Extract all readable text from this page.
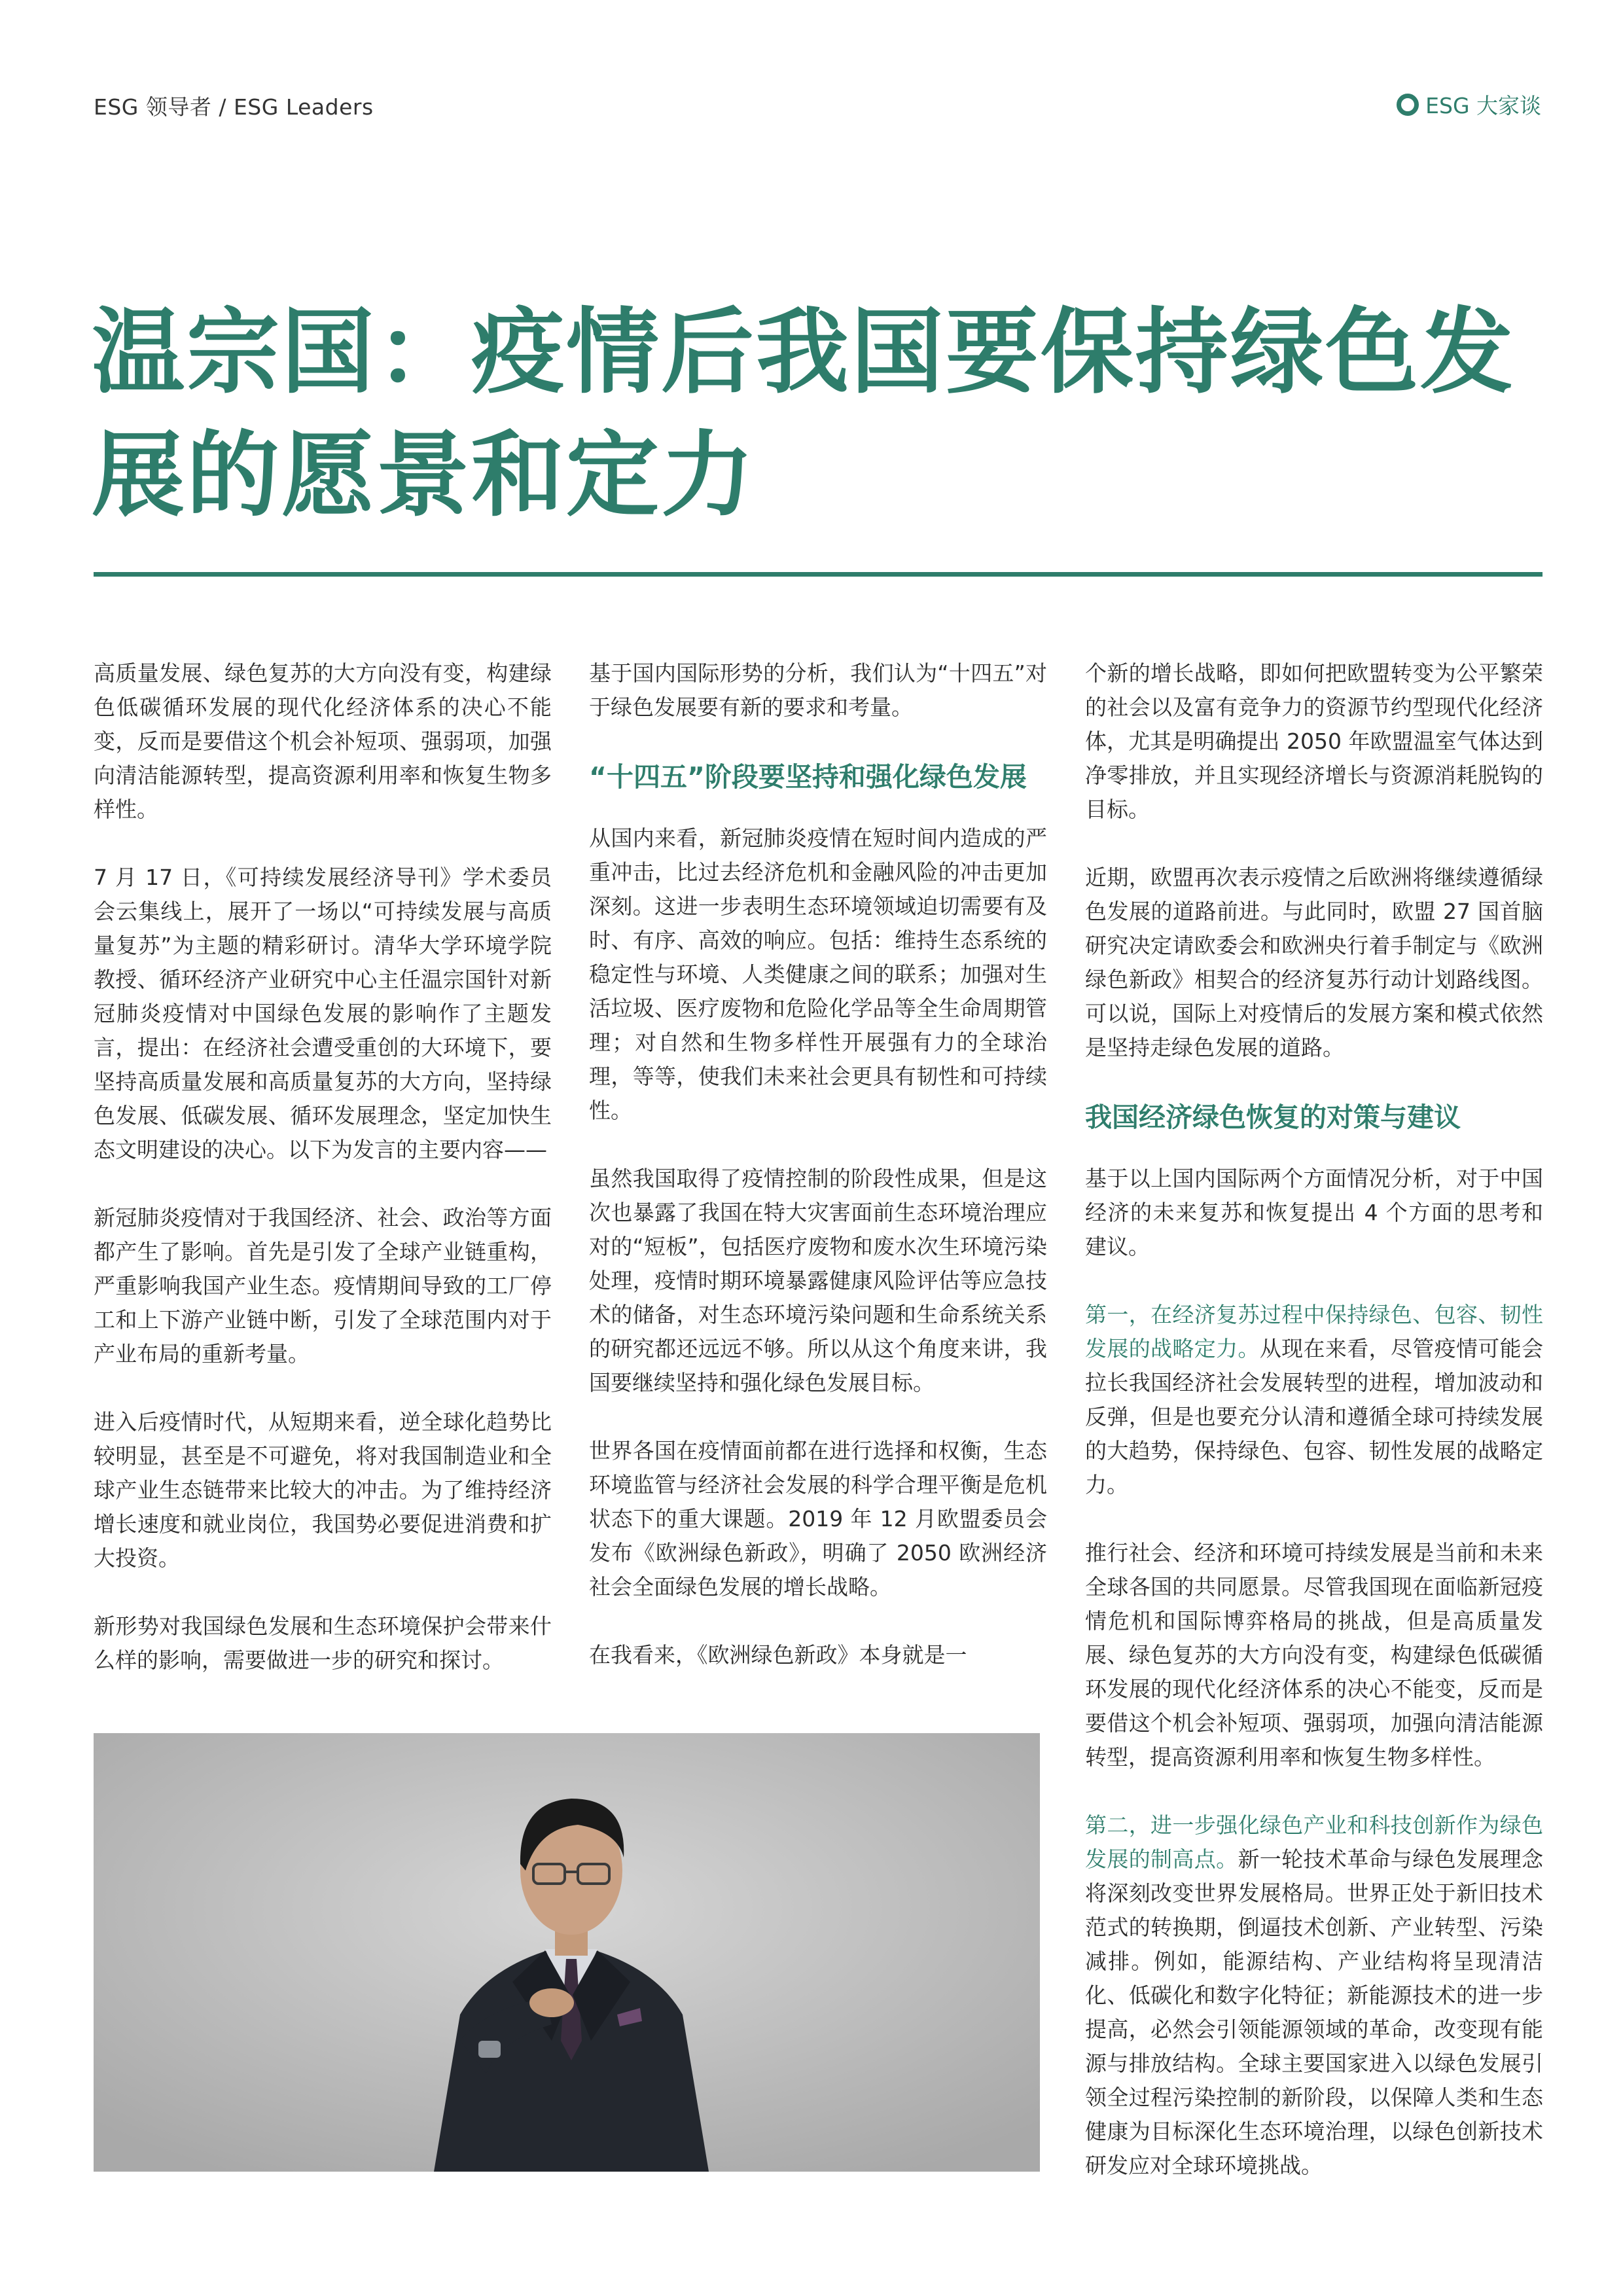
ESG 领导者 / ESG Leaders	ESG 大家谈
温宗国：疫情后我国要保持绿色发展的愿景和定力

高质量发展、绿色复苏的大方向没有变，构建绿色低碳循环发展的现代化经济体系的决心不能变，反而是要借这个机会补短项、强弱项，加强向清洁能源转型，提高资源利用率和恢复生物多样性。

7 月 17 日，《可持续发展经济导刊》学术委员会云集线上，展开了一场以“可持续发展与高质量复苏”为主题的精彩研讨。清华大学环境学院教授、循环经济产业研究中心主任温宗国针对新冠肺炎疫情对中国绿色发展的影响作了主题发言，提出：在经济社会遭受重创的大环境下，要坚持高质量发展和高质量复苏的大方向，坚持绿色发展、低碳发展、循环发展理念，坚定加快生态文明建设的决心。以下为发言的主要内容——

新冠肺炎疫情对于我国经济、社会、政治等方面都产生了影响。首先是引发了全球产业链重构，严重影响我国产业生态。疫情期间导致的工厂停工和上下游产业链中断，引发了全球范围内对于产业布局的重新考量。

进入后疫情时代，从短期来看，逆全球化趋势比较明显，甚至是不可避免，将对我国制造业和全球产业生态链带来比较大的冲击。为了维持经济增长速度和就业岗位，我国势必要促进消费和扩大投资。

新形势对我国绿色发展和生态环境保护会带来什么样的影响，需要做进一步的研究和探讨。

基于国内国际形势的分析，我们认为“十四五”对于绿色发展要有新的要求和考量。

“十四五”阶段要坚持和强化绿色发展

从国内来看，新冠肺炎疫情在短时间内造成的严重冲击，比过去经济危机和金融风险的冲击更加深刻。这进一步表明生态环境领域迫切需要有及时、有序、高效的响应。包括：维持生态系统的稳定性与环境、人类健康之间的联系；加强对生活垃圾、医疗废物和危险化学品等全生命周期管理；对自然和生物多样性开展强有力的全球治理，等等，使我们未来社会更具有韧性和可持续性。

虽然我国取得了疫情控制的阶段性成果，但是这次也暴露了我国在特大灾害面前生态环境治理应对的“短板”，包括医疗废物和废水次生环境污染处理，疫情时期环境暴露健康风险评估等应急技术的储备，对生态环境污染问题和生命系统关系的研究都还远远不够。所以从这个角度来讲，我国要继续坚持和强化绿色发展目标。

世界各国在疫情面前都在进行选择和权衡，生态环境监管与经济社会发展的科学合理平衡是危机状态下的重大课题。2019 年 12 月欧盟委员会发布《欧洲绿色新政》，明确了 2050 欧洲经济社会全面绿色发展的增长战略。

在我看来，《欧洲绿色新政》本身就是一

个新的增长战略，即如何把欧盟转变为公平繁荣的社会以及富有竞争力的资源节约型现代化经济体，尤其是明确提出 2050 年欧盟温室气体达到净零排放，并且实现经济增长与资源消耗脱钩的目标。

近期，欧盟再次表示疫情之后欧洲将继续遵循绿色发展的道路前进。与此同时，欧盟 27 国首脑研究决定请欧委会和欧洲央行着手制定与《欧洲绿色新政》相契合的经济复苏行动计划路线图。可以说，国际上对疫情后的发展方案和模式依然是坚持走绿色发展的道路。

我国经济绿色恢复的对策与建议

基于以上国内国际两个方面情况分析，对于中国经济的未来复苏和恢复提出 4 个方面的思考和建议。

第一，在经济复苏过程中保持绿色、包容、韧性发展的战略定力。从现在来看，尽管疫情可能会拉长我国经济社会发展转型的进程，增加波动和反弹，但是也要充分认清和遵循全球可持续发展的大趋势，保持绿色、包容、韧性发展的战略定力。

推行社会、经济和环境可持续发展是当前和未来全球各国的共同愿景。尽管我国现在面临新冠疫情危机和国际博弈格局的挑战，但是高质量发展、绿色复苏的大方向没有变，构建绿色低碳循环发展的现代化经济体系的决心不能变，反而是要借这个机会补短项、强弱项，加强向清洁能源转型，提高资源利用率和恢复生物多样性。

第二，进一步强化绿色产业和科技创新作为绿色发展的制高点。新一轮技术革命与绿色发展理念将深刻改变世界发展格局。世界正处于新旧技术范式的转换期，倒逼技术创新、产业转型、污染减排。例如，能源结构、产业结构将呈现清洁化、低碳化和数字化特征；新能源技术的进一步提高，必然会引领能源领域的革命，改变现有能源与排放结构。全球主要国家进入以绿色发展引领全过程污染控制的新阶段，以保障人类和生态健康为目标深化生态环境治理，以绿色创新技术研发应对全球环境挑战。
